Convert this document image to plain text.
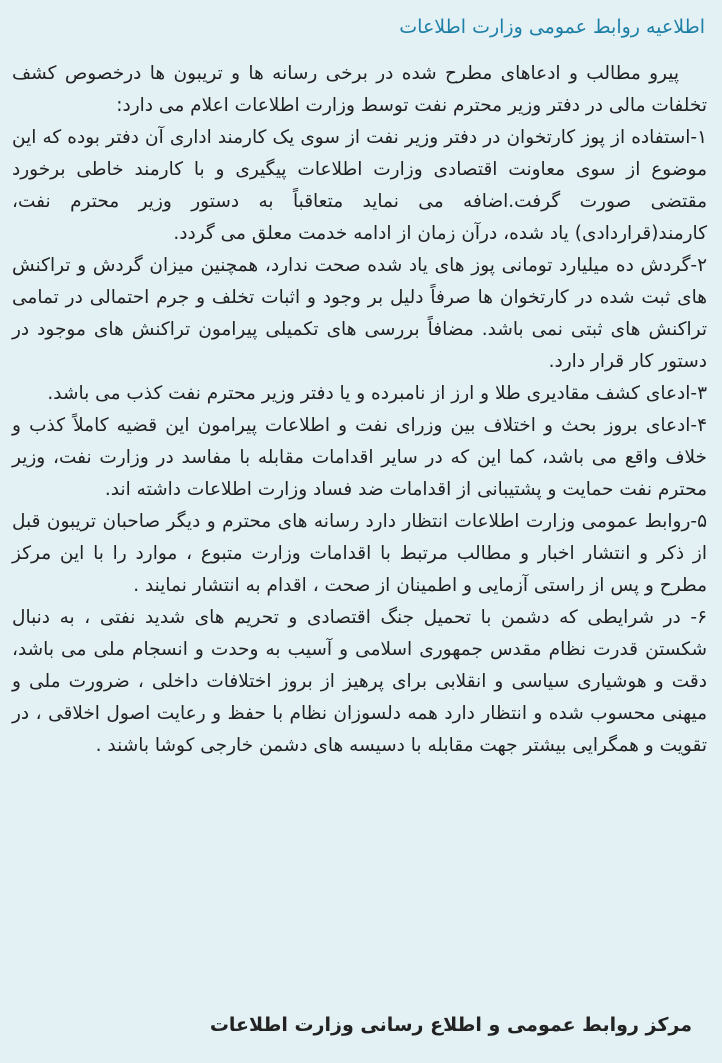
اطلاعیه روابط عمومی وزارت اطلاعات

پیرو مطالب و ادعاهای مطرح شده در برخی رسانه ها و تریبون ها درخصوص کشف تخلفات مالی در دفتر وزیر محترم نفت توسط وزارت اطلاعات اعلام می دارد:

۱-استفاده از پوز کارتخوان در دفتر وزیر نفت از سوی یک کارمند اداری آن دفتر بوده که این موضوع از سوی معاونت اقتصادی وزارت اطلاعات پیگیری و با کارمند خاطی برخورد مقتضی صورت گرفت.اضافه می نماید متعاقباً به دستور وزیر محترم نفت، کارمند(قراردادی) یاد شده، درآن زمان از ادامه خدمت معلق می گردد.

۲-گردش ده میلیارد تومانی پوز های یاد شده صحت ندارد، همچنین میزان گردش و تراکنش های ثبت شده در کارتخوان ها صرفاً دلیل بر وجود و اثبات تخلف و جرم احتمالی در تمامی تراکنش های ثبتی نمی باشد. مضافاً بررسی های تکمیلی پیرامون تراکنش های موجود در دستور کار قرار دارد.

۳-ادعای کشف مقادیری طلا و ارز از نامبرده و یا دفتر وزیر محترم نفت کذب می باشد.

۴-ادعای بروز بحث و اختلاف بین وزرای نفت و اطلاعات پیرامون این قضیه کاملاً کذب و خلاف واقع می باشد، کما این که در سایر اقدامات مقابله با مفاسد در وزارت نفت، وزیر محترم نفت حمایت و پشتیبانی از اقدامات ضد فساد وزارت اطلاعات داشته اند.

۵-روابط عمومی وزارت اطلاعات انتظار دارد رسانه های محترم و دیگر صاحبان تریبون قبل از ذکر و انتشار اخبار و مطالب مرتبط با اقدامات وزارت متبوع ، موارد را با این مرکز مطرح و پس از راستی آزمایی و اطمینان از صحت ، اقدام به انتشار نمایند .

۶- در شرایطی که دشمن با تحمیل جنگ اقتصادی و تحریم های شدید نفتی ، به دنبال شکستن قدرت نظام مقدس جمهوری اسلامی و آسیب به وحدت و انسجام ملی می باشد، دقت و هوشیاری سیاسی و انقلابی برای پرهیز از بروز اختلافات داخلی ، ضرورت ملی و میهنی محسوب شده و انتظار دارد همه دلسوزان نظام با حفظ و رعایت اصول اخلاقی ، در تقویت و همگرایی بیشتر جهت مقابله با دسیسه های دشمن خارجی کوشا باشند .

مرکز روابط عمومی و اطلاع رسانی وزارت اطلاعات
